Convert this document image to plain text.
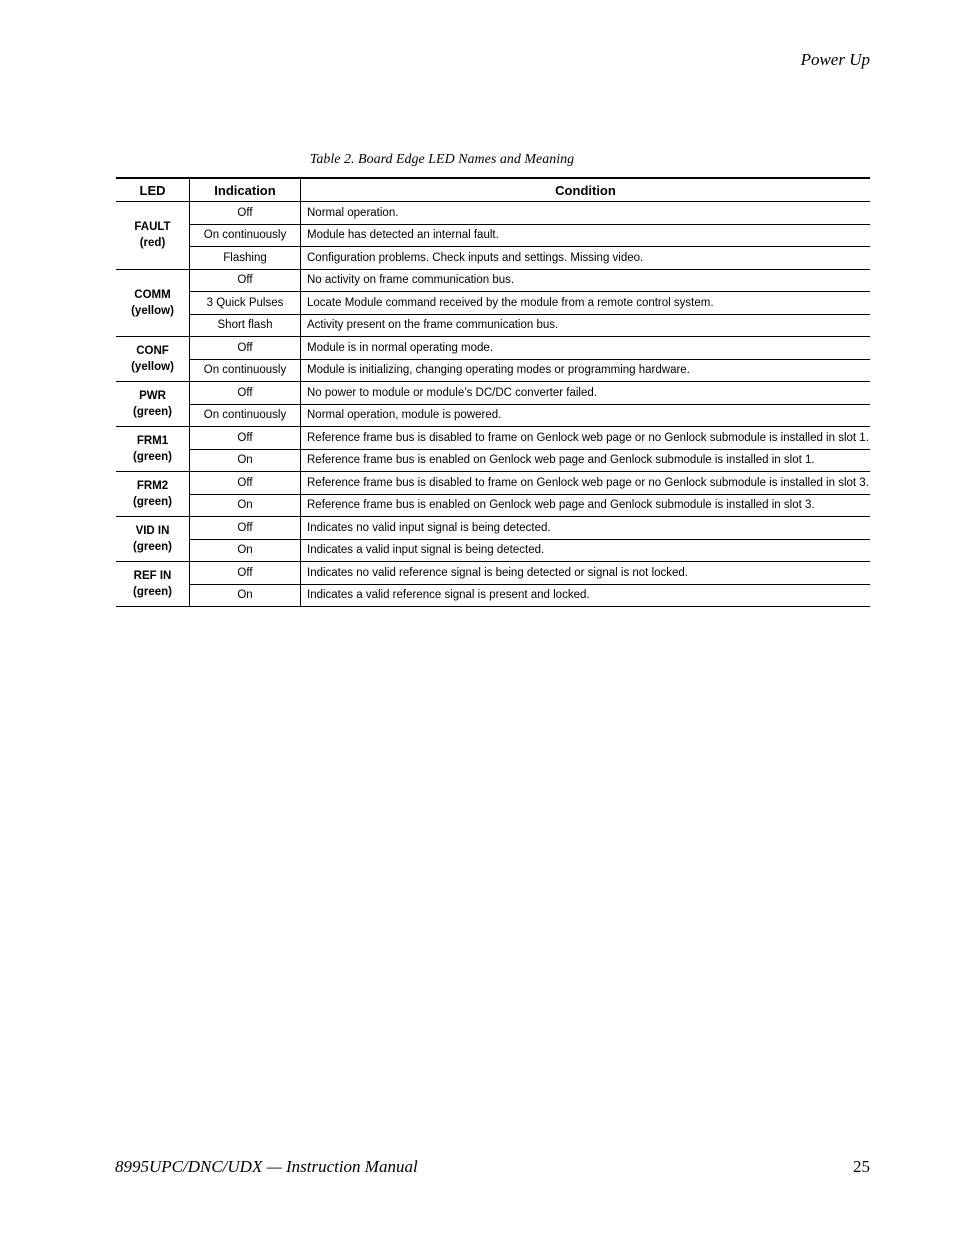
Power Up
Table 2. Board Edge LED Names and Meaning
LED	Indication	Condition

FAULT
(red)	Off	Normal operation.
	On continuously	Module has detected an internal fault.
	Flashing	Configuration problems. Check inputs and settings. Missing video.

COMM
(yellow)	Off	No activity on frame communication bus.
	3 Quick Pulses	Locate Module command received by the module from a remote control system.
	Short flash	Activity present on the frame communication bus.

CONF
(yellow)	Off	Module is in normal operating mode.
	On continuously	Module is initializing, changing operating modes or programming hardware.

PWR
(green)	Off	No power to module or module’s DC/DC converter failed.
	On continuously	Normal operation, module is powered.

FRM1
(green)	Off	Reference frame bus is disabled to frame on Genlock web page or no Genlock submodule is installed in slot 1.
	On	Reference frame bus is enabled on Genlock web page and Genlock submodule is installed in slot 1.

FRM2
(green)	Off	Reference frame bus is disabled to frame on Genlock web page or no Genlock submodule is installed in slot 3.
	On	Reference frame bus is enabled on Genlock web page and Genlock submodule is installed in slot 3.

VID IN
(green)	Off	Indicates no valid input signal is being detected.
	On	Indicates a valid input signal is being detected.

REF IN
(green)	Off	Indicates no valid reference signal is being detected or signal is not locked.
	On	Indicates a valid reference signal is present and locked.
8995UPC/DNC/UDX — Instruction Manual	25
